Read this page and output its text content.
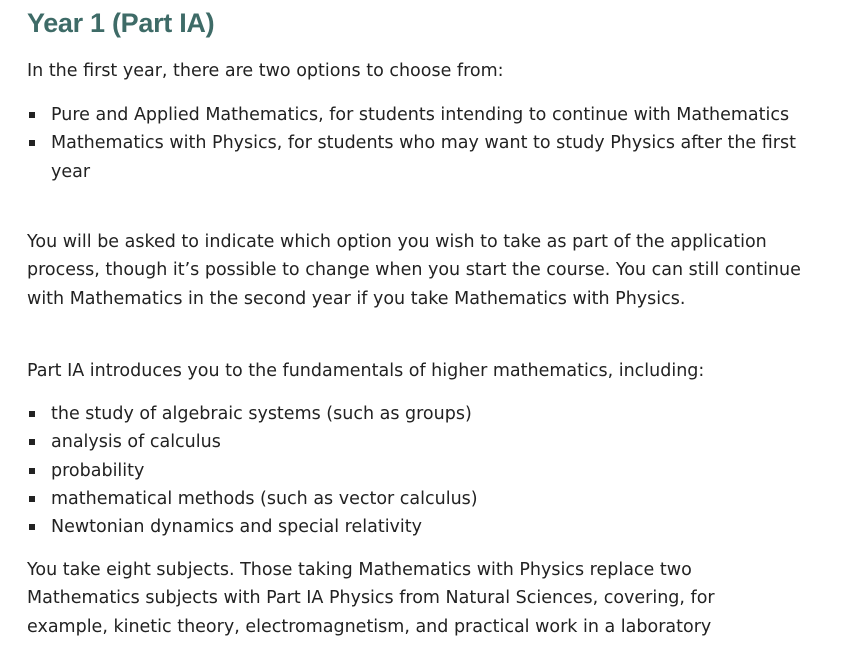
Year 1 (Part IA)

In the first year, there are two options to choose from:

Pure and Applied Mathematics, for students intending to continue with Mathematics
Mathematics with Physics, for students who may want to study Physics after the first year

You will be asked to indicate which option you wish to take as part of the application process, though it’s possible to change when you start the course. You can still continue with Mathematics in the second year if you take Mathematics with Physics.

Part IA introduces you to the fundamentals of higher mathematics, including:

the study of algebraic systems (such as groups)
analysis of calculus
probability
mathematical methods (such as vector calculus)
Newtonian dynamics and special relativity

You take eight subjects. Those taking Mathematics with Physics replace two Mathematics subjects with Part IA Physics from Natural Sciences, covering, for example, kinetic theory, electromagnetism, and practical work in a laboratory
